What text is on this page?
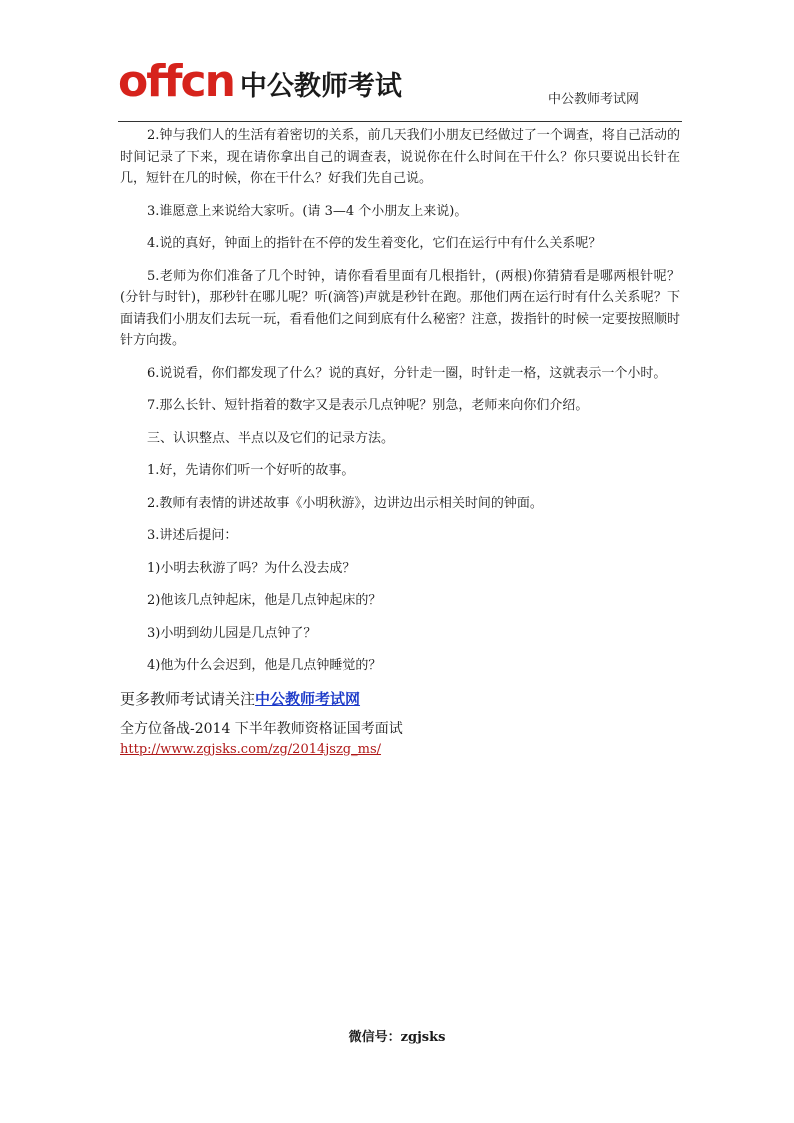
offcn 中公教师考试	中公教师考试网

2.钟与我们人的生活有着密切的关系，前几天我们小朋友已经做过了一个调查，将自己活动的时间记录了下来，现在请你拿出自己的调查表，说说你在什么时间在干什么？你只要说出长针在几，短针在几的时候，你在干什么？好我们先自己说。

3.谁愿意上来说给大家听。(请 3—4 个小朋友上来说)。

4.说的真好，钟面上的指针在不停的发生着变化，它们在运行中有什么关系呢？

5.老师为你们准备了几个时钟，请你看看里面有几根指针，(两根)你猜猜看是哪两根针呢？(分针与时针)，那秒针在哪儿呢？听(滴答)声就是秒针在跑。那他们两在运行时有什么关系呢？下面请我们小朋友们去玩一玩，看看他们之间到底有什么秘密？注意，拨指针的时候一定要按照顺时针方向拨。

6.说说看，你们都发现了什么？说的真好，分针走一圈，时针走一格，这就表示一个小时。

7.那么长针、短针指着的数字又是表示几点钟呢？别急，老师来向你们介绍。

三、认识整点、半点以及它们的记录方法。

1.好，先请你们听一个好听的故事。

2.教师有表情的讲述故事《小明秋游》，边讲边出示相关时间的钟面。

3.讲述后提问：

1)小明去秋游了吗？为什么没去成？

2)他该几点钟起床，他是几点钟起床的？

3)小明到幼儿园是几点钟了？

4)他为什么会迟到，他是几点钟睡觉的？

更多教师考试请关注中公教师考试网
全方位备战-2014 下半年教师资格证国考面试
http://www.zgjsks.com/zg/2014jszg_ms/
微信号：zgjsks
